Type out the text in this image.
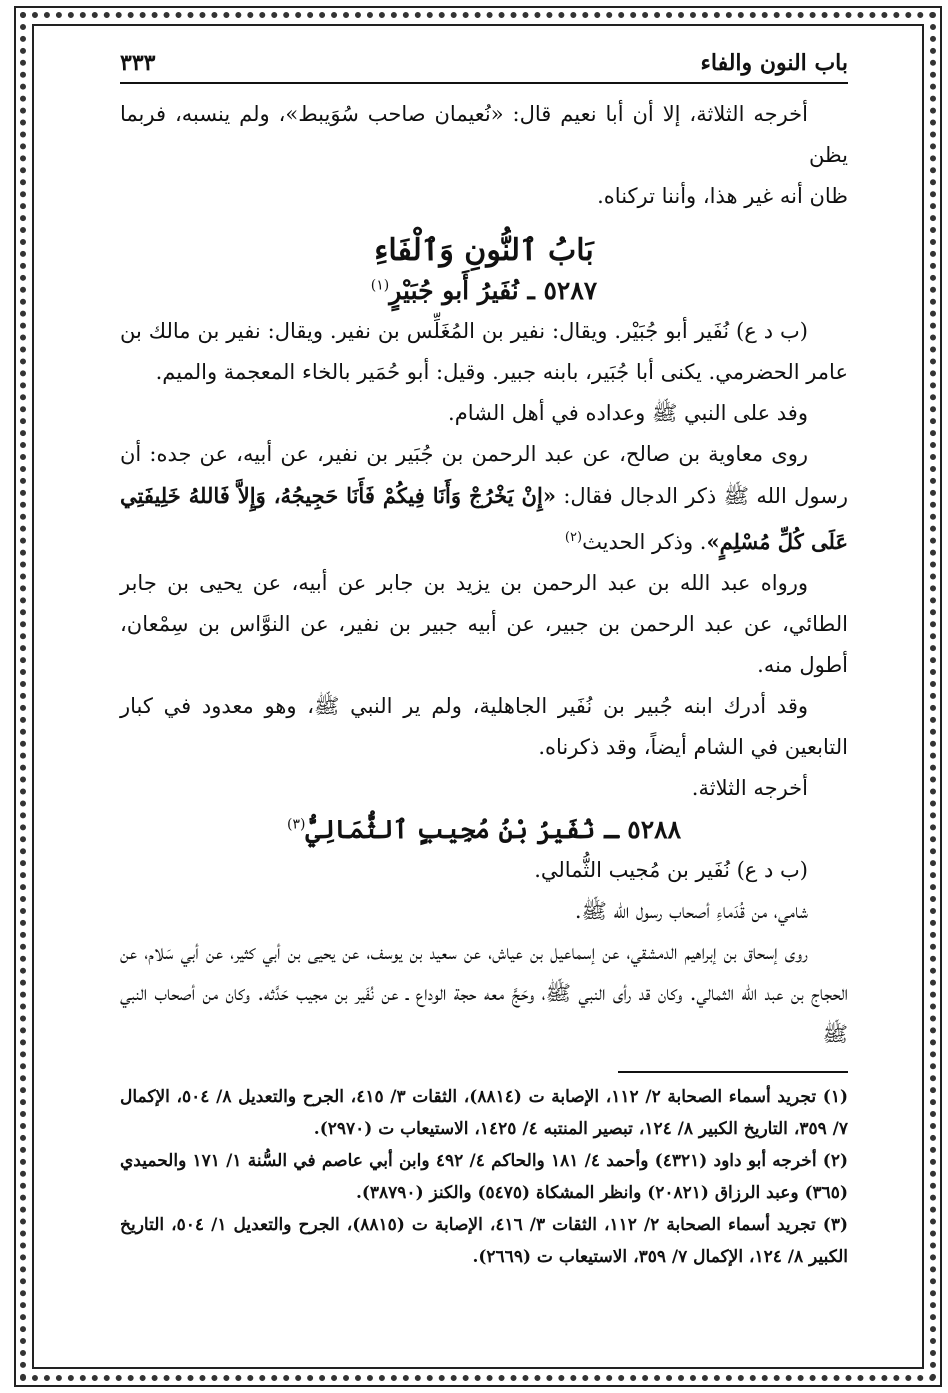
باب النون والفاء
٣٣٣

أخرجه الثلاثة، إلا أن أبا نعيم قال: «نُعيمان صاحب سُوَيبط»، ولم ينسبه، فربما يظن

ظان أنه غير هذا، وأننا تركناه.

بَابُ ٱلنُّونِ وَٱلْفَاءِ
٥٢٨٧ ـ نُفَيرُ أَبو جُبَيْرٍ$^{(١)}$

(ب د ع) نُفَير أبو جُبَيْر. ويقال: نفير بن المُغَلِّس بن نفير. ويقال: نفير بن مالك بن عامر الحضرمي. يكنى أبا جُبَير، بابنه جبير. وقيل: أبو حُمَير بالخاء المعجمة والميم.

وفد على النبي ﷺ وعداده في أهل الشام.

روى معاوية بن صالح، عن عبد الرحمن بن جُبَير بن نفير، عن أبيه، عن جده: أن رسول الله ﷺ ذكر الدجال فقال: «إِنْ يَخْرُجْ وَأَنَا فِيكُمْ فَأَنَا حَجِيجُهُ، وَإِلاَّ فَاللهُ خَلِيفَتِي عَلَى كُلِّ مُسْلِمٍ». وذكر الحديث$^{(٢)}$

ورواه عبد الله بن عبد الرحمن بن يزيد بن جابر عن أبيه، عن يحيى بن جابر الطائي، عن عبد الرحمن بن جبير، عن أبيه جبير بن نفير، عن النوَّاس بن سِمْعان، أطول منه.

وقد أدرك ابنه جُبير بن نُفَير الجاهلية، ولم ير النبي ﷺ، وهو معدود في كبار التابعين في الشام أيضاً، وقد ذكرناه.

أخرجه الثلاثة.

٥٢٨٨ ـ نُفَيرُ بْنُ مُجِيبٍ ٱلثُّمَالِيُّ$^{(٣)}$

(ب د ع) نُفَير بن مُجيب الثُّمالي.

شامي، من قُدَماءِ أصحاب رسول الله ﷺ.

روى إسحاق بن إبراهيم الدمشقي، عن إسماعيل بن عياش، عن سعيد بن يوسف، عن يحيى بن أبي كثير، عن أبي سَلام، عن الحجاج بن عبد الله الثمالي. وكان قد رأى النبي ﷺ، وحَجَّ معه حجة الوداع ـ عن نُفَير بن مجيب حَدَّثه. وكان من أصحاب النبي ﷺ

(١) تجريد أسماء الصحابة ٢/ ١١٢، الإصابة ت (٨٨١٤)، الثقات ٣/ ٤١٥، الجرح والتعديل ٨/ ٥٠٤، الإكمال ٧/ ٣٥٩، التاريخ الكبير ٨/ ١٢٤، تبصير المنتبه ٤/ ١٤٢٥، الاستيعاب ت (٢٩٧٠).

(٢) أخرجه أبو داود (٤٣٢١) وأحمد ٤/ ١٨١ والحاكم ٤/ ٤٩٢ وابن أبي عاصم في السُّنة ١/ ١٧١ والحميدي (٣٦٥) وعبد الرزاق (٢٠٨٢١) وانظر المشكاة (٥٤٧٥) والكنز (٣٨٧٩٠).

(٣) تجريد أسماء الصحابة ٢/ ١١٢، الثقات ٣/ ٤١٦، الإصابة ت (٨٨١٥)، الجرح والتعديل ١/ ٥٠٤، التاريخ الكبير ٨/ ١٢٤، الإكمال ٧/ ٣٥٩، الاستيعاب ت (٢٦٦٩).
